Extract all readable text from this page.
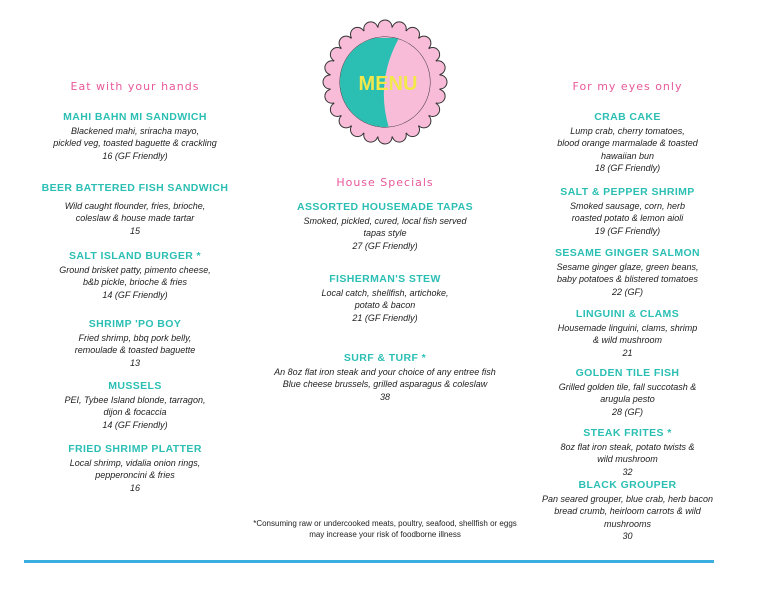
MENU
Eat with your hands
MAHI BAHN MI SANDWICH
Blackened mahi, sriracha mayo,
pickled veg, toasted baguette & crackling
16 (GF Friendly)
BEER BATTERED FISH SANDWICH
Wild caught flounder, fries, brioche,
coleslaw & house made tartar
15
SALT ISLAND BURGER *
Ground brisket patty, pimento cheese,
b&b pickle, brioche & fries
14 (GF Friendly)
SHRIMP 'PO BOY
Fried shrimp, bbq pork belly,
remoulade & toasted baguette
13
MUSSELS
PEI, Tybee Island blonde, tarragon,
dijon & focaccia
14 (GF Friendly)
FRIED SHRIMP PLATTER
Local shrimp, vidalia onion rings,
pepperoncini & fries
16
House Specials
ASSORTED HOUSEMADE TAPAS
Smoked, pickled, cured, local fish served
tapas style
27 (GF Friendly)
FISHERMAN'S STEW
Local catch, shellfish, artichoke,
potato & bacon
21 (GF Friendly)
SURF & TURF *
An 8oz flat iron steak and your choice of any entree fish
Blue cheese brussels, grilled asparagus & coleslaw
38
*Consuming raw or undercooked meats, poultry, seafood, shellfish or eggs
may increase your risk of foodborne illness
For my eyes only
CRAB CAKE
Lump crab, cherry tomatoes,
blood orange marmalade & toasted
hawaiian bun
18 (GF Friendly)
SALT & PEPPER SHRIMP
Smoked sausage, corn, herb
roasted potato & lemon aioli
19 (GF Friendly)
SESAME GINGER SALMON
Sesame ginger glaze, green beans,
baby potatoes & blistered tomatoes
22 (GF)
LINGUINI & CLAMS
Housemade linguini, clams, shrimp
& wild mushroom
21
GOLDEN TILE FISH
Grilled golden tile, fall succotash &
arugula pesto
28 (GF)
STEAK FRITES *
8oz flat iron steak, potato twists &
wild mushroom
32
BLACK GROUPER
Pan seared grouper, blue crab, herb bacon
bread crumb, heirloom carrots & wild
mushrooms
30
